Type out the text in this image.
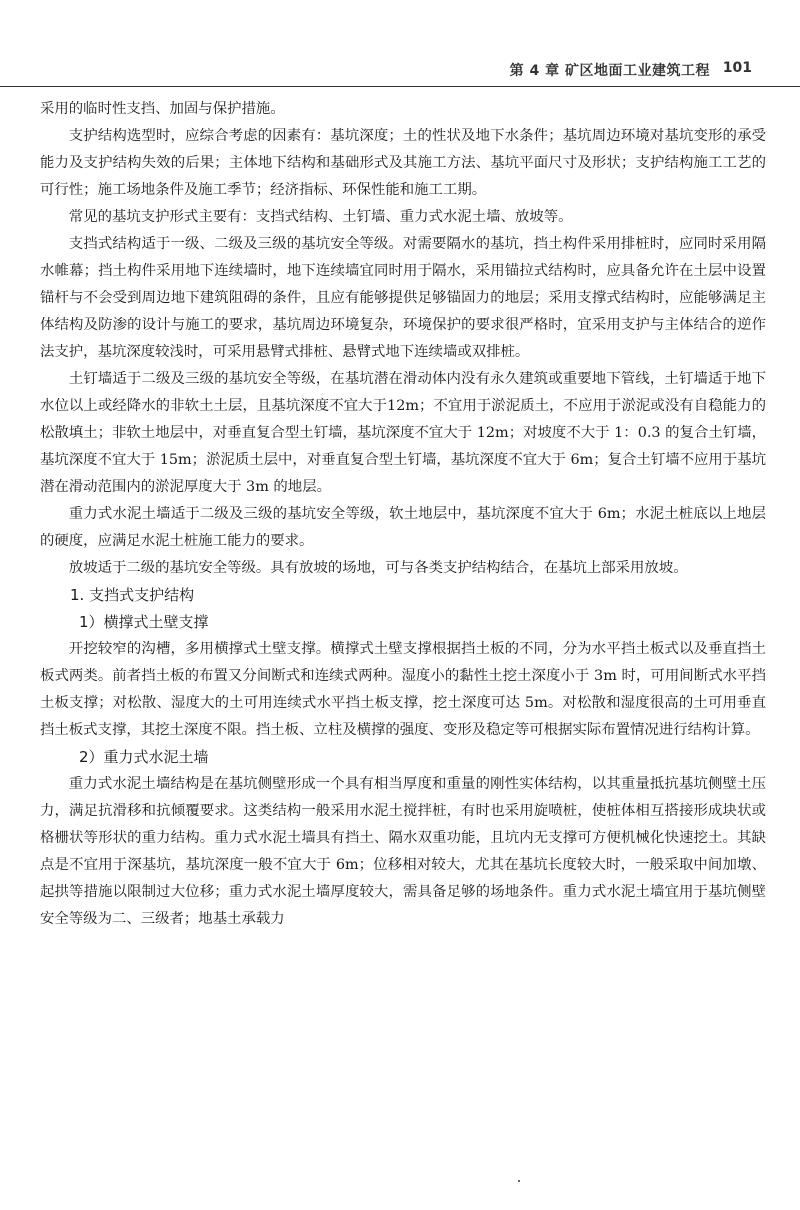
第 4 章 矿区地面工业建筑工程 101

采用的临时性支挡、加固与保护措施。

支护结构选型时，应综合考虑的因素有：基坑深度；土的性状及地下水条件；基坑周边环境对基坑变形的承受能力及支护结构失效的后果；主体地下结构和基础形式及其施工方法、基坑平面尺寸及形状；支护结构施工工艺的可行性；施工场地条件及施工季节；经济指标、环保性能和施工工期。

常见的基坑支护形式主要有：支挡式结构、土钉墙、重力式水泥土墙、放坡等。

支挡式结构适于一级、二级及三级的基坑安全等级。对需要隔水的基坑，挡土构件采用排桩时，应同时采用隔水帷幕；挡土构件采用地下连续墙时，地下连续墙宜同时用于隔水，采用锚拉式结构时，应具备允许在土层中设置锚杆与不会受到周边地下建筑阻碍的条件，且应有能够提供足够锚固力的地层；采用支撑式结构时，应能够满足主体结构及防渗的设计与施工的要求，基坑周边环境复杂，环境保护的要求很严格时，宜采用支护与主体结合的逆作法支护，基坑深度较浅时，可采用悬臂式排桩、悬臂式地下连续墙或双排桩。

土钉墙适于二级及三级的基坑安全等级，在基坑潜在滑动体内没有永久建筑或重要地下管线，土钉墙适于地下水位以上或经降水的非软土土层，且基坑深度不宜大于12m；不宜用于淤泥质土，不应用于淤泥或没有自稳能力的松散填土；非软土地层中，对垂直复合型土钉墙，基坑深度不宜大于 12m；对坡度不大于 1：0.3 的复合土钉墙，基坑深度不宜大于 15m；淤泥质土层中，对垂直复合型土钉墙，基坑深度不宜大于 6m；复合土钉墙不应用于基坑潜在滑动范围内的淤泥厚度大于 3m 的地层。

重力式水泥土墙适于二级及三级的基坑安全等级，软土地层中，基坑深度不宜大于 6m；水泥土桩底以上地层的硬度，应满足水泥土桩施工能力的要求。

放坡适于二级的基坑安全等级。具有放坡的场地，可与各类支护结构结合，在基坑上部采用放坡。

1. 支挡式支护结构
1）横撑式土壁支撑

开挖较窄的沟槽，多用横撑式土壁支撑。横撑式土壁支撑根据挡土板的不同，分为水平挡土板式以及垂直挡土板式两类。前者挡土板的布置又分间断式和连续式两种。湿度小的黏性土挖土深度小于 3m 时，可用间断式水平挡土板支撑；对松散、湿度大的土可用连续式水平挡土板支撑，挖土深度可达 5m。对松散和湿度很高的土可用垂直挡土板式支撑，其挖土深度不限。挡土板、立柱及横撑的强度、变形及稳定等可根据实际布置情况进行结构计算。

2）重力式水泥土墙

重力式水泥土墙结构是在基坑侧壁形成一个具有相当厚度和重量的刚性实体结构，以其重量抵抗基坑侧壁土压力，满足抗滑移和抗倾覆要求。这类结构一般采用水泥土搅拌桩，有时也采用旋喷桩，使桩体相互搭接形成块状或格栅状等形状的重力结构。重力式水泥土墙具有挡土、隔水双重功能，且坑内无支撑可方便机械化快速挖土。其缺点是不宜用于深基坑，基坑深度一般不宜大于 6m；位移相对较大，尤其在基坑长度较大时，一般采取中间加墩、起拱等措施以限制过大位移；重力式水泥土墙厚度较大，需具备足够的场地条件。重力式水泥土墙宜用于基坑侧壁安全等级为二、三级者；地基土承载力
